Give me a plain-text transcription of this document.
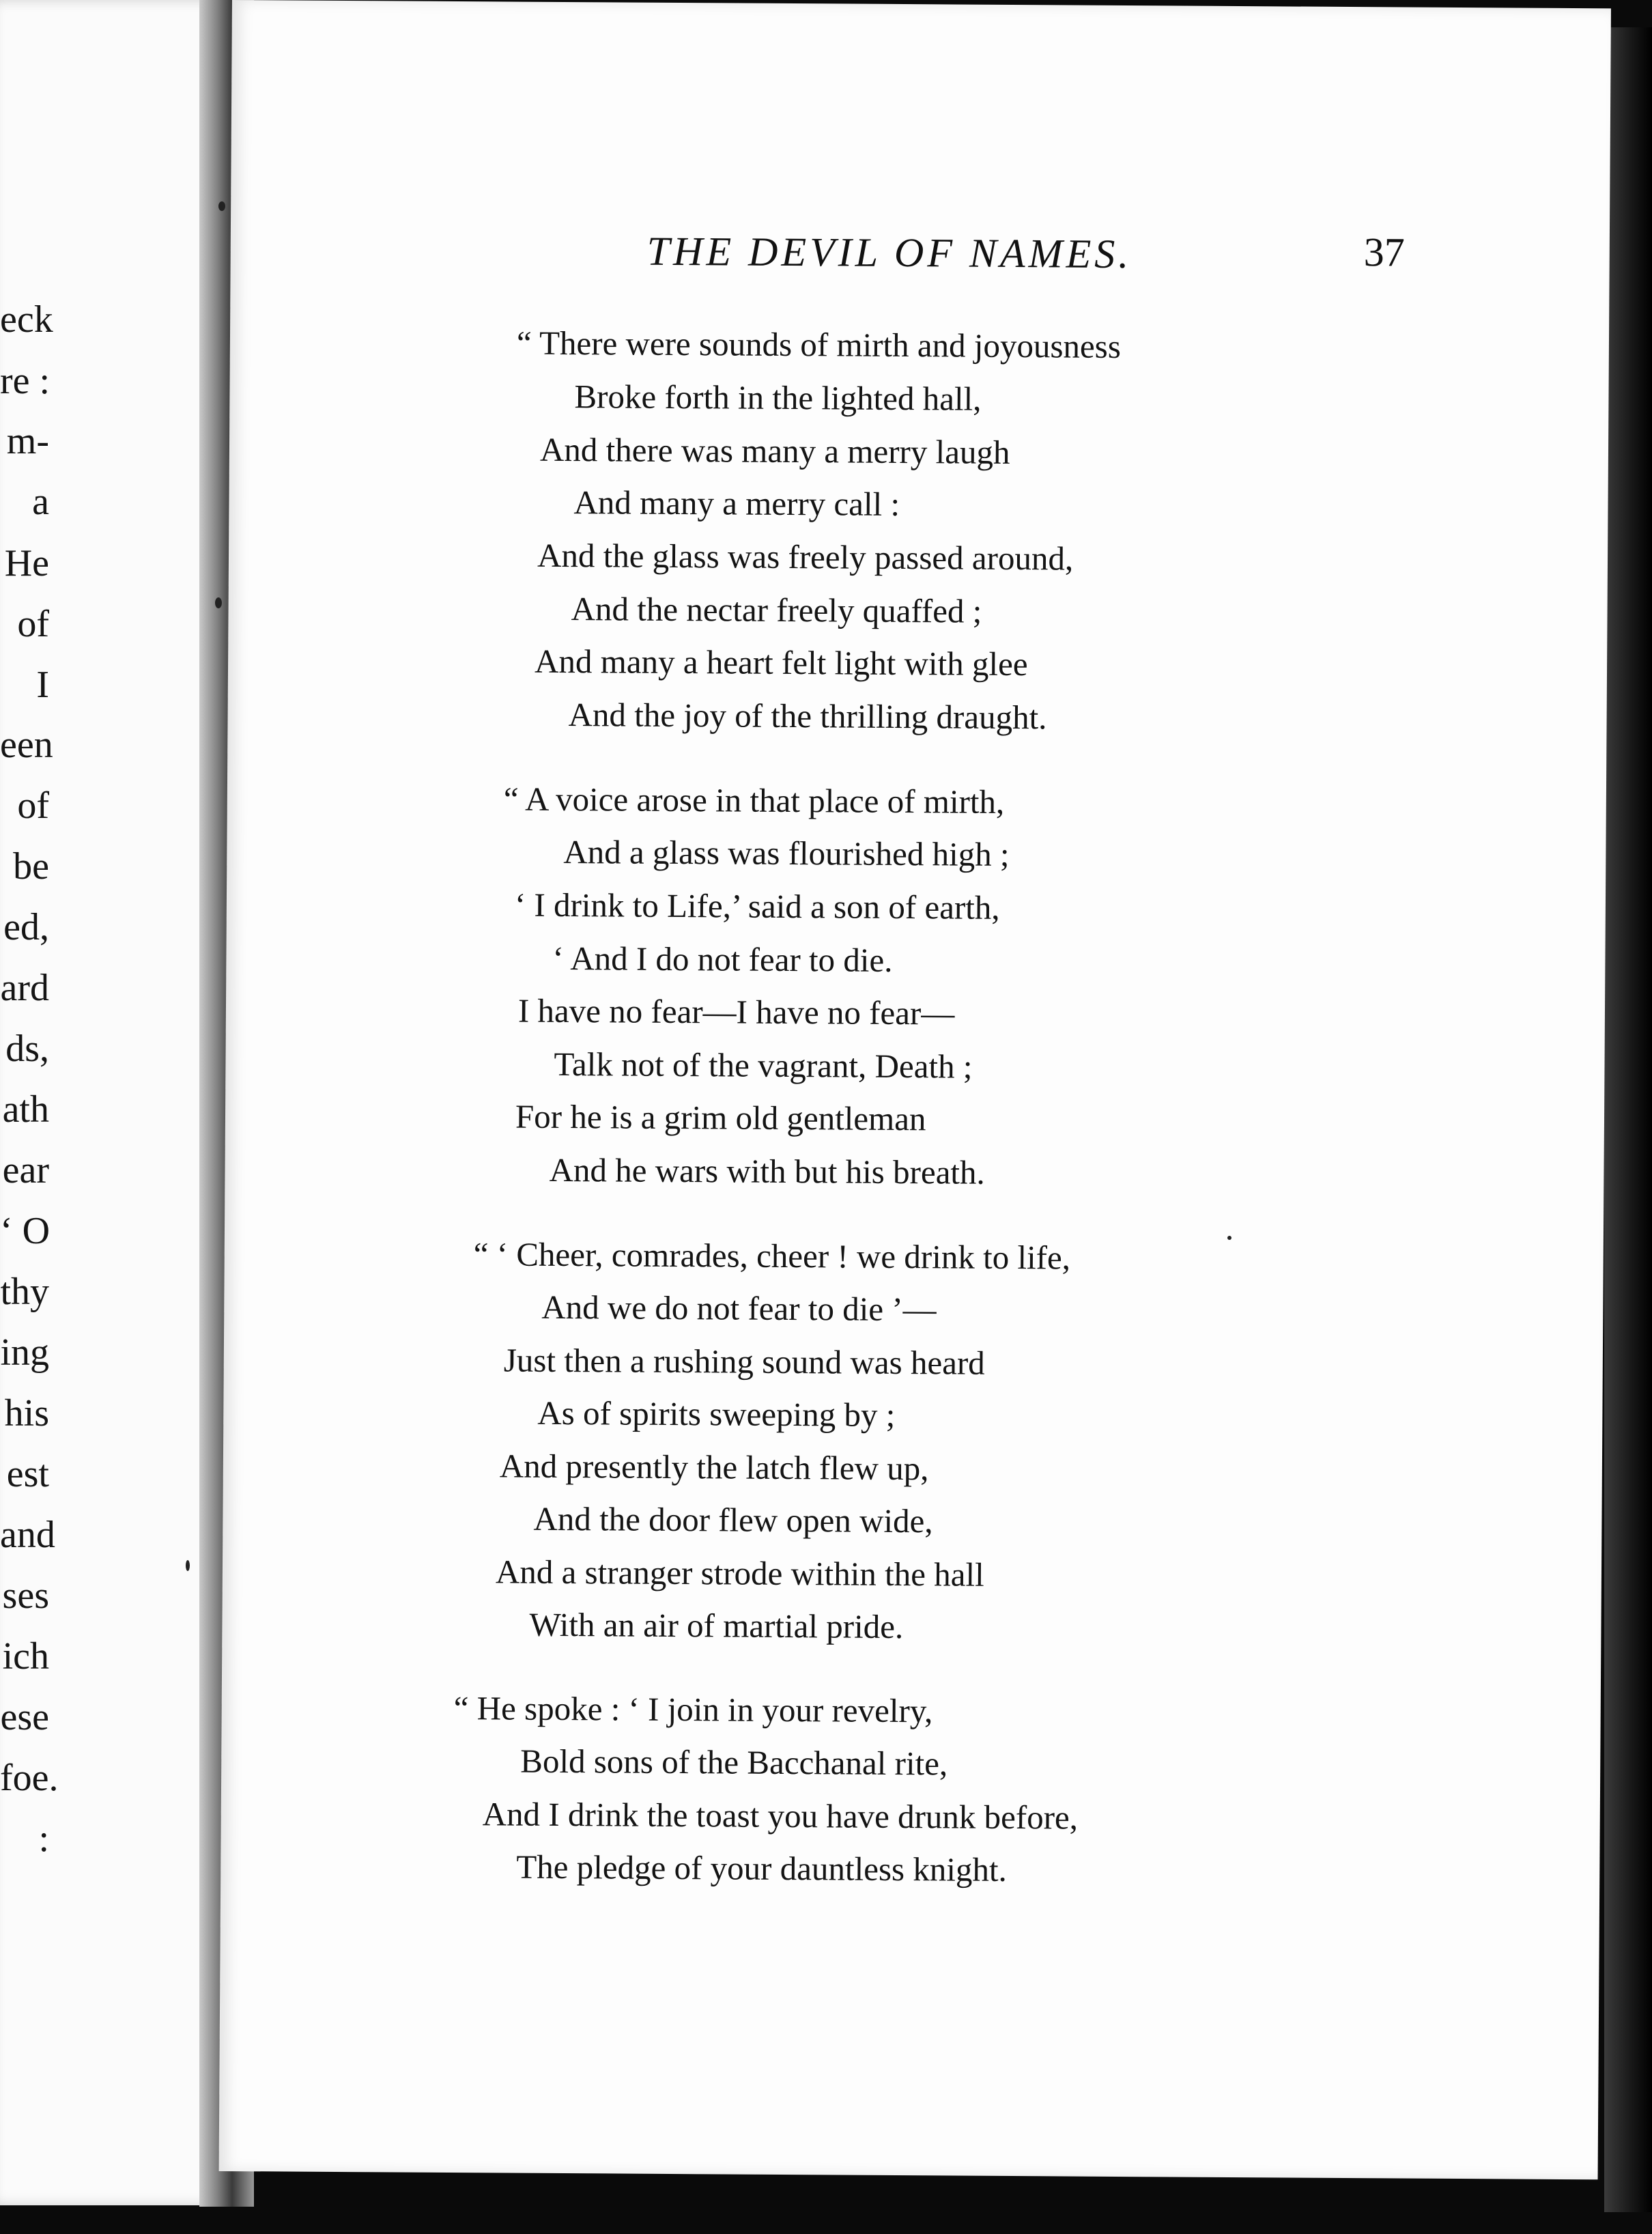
eck
re :
m-
a
He
of
I
een
of
be
ed,
ard
ds,
ath
ear
‘ O
thy
ing
his
est
and
ses
ich
ese
foe.
:
THE DEVIL OF NAMES.	37
“ There were sounds of mirth and joyousness
Broke forth in the lighted hall,
And there was many a merry laugh
And many a merry call :
And the glass was freely passed around,
And the nectar freely quaffed ;
And many a heart felt light with glee
And the joy of the thrilling draught.
“ A voice arose in that place of mirth,
And a glass was flourished high ;
‘ I drink to Life,’ said a son of earth,
‘ And I do not fear to die.
I have no fear—I have no fear—
Talk not of the vagrant, Death ;
For he is a grim old gentleman
And he wars with but his breath.
“ ‘ Cheer, comrades, cheer ! we drink to life,
And we do not fear to die ’—
Just then a rushing sound was heard
As of spirits sweeping by ;
And presently the latch flew up,
And the door flew open wide,
And a stranger strode within the hall
With an air of martial pride.
“ He spoke : ‘ I join in your revelry,
Bold sons of the Bacchanal rite,
And I drink the toast you have drunk before,
The pledge of your dauntless knight.
